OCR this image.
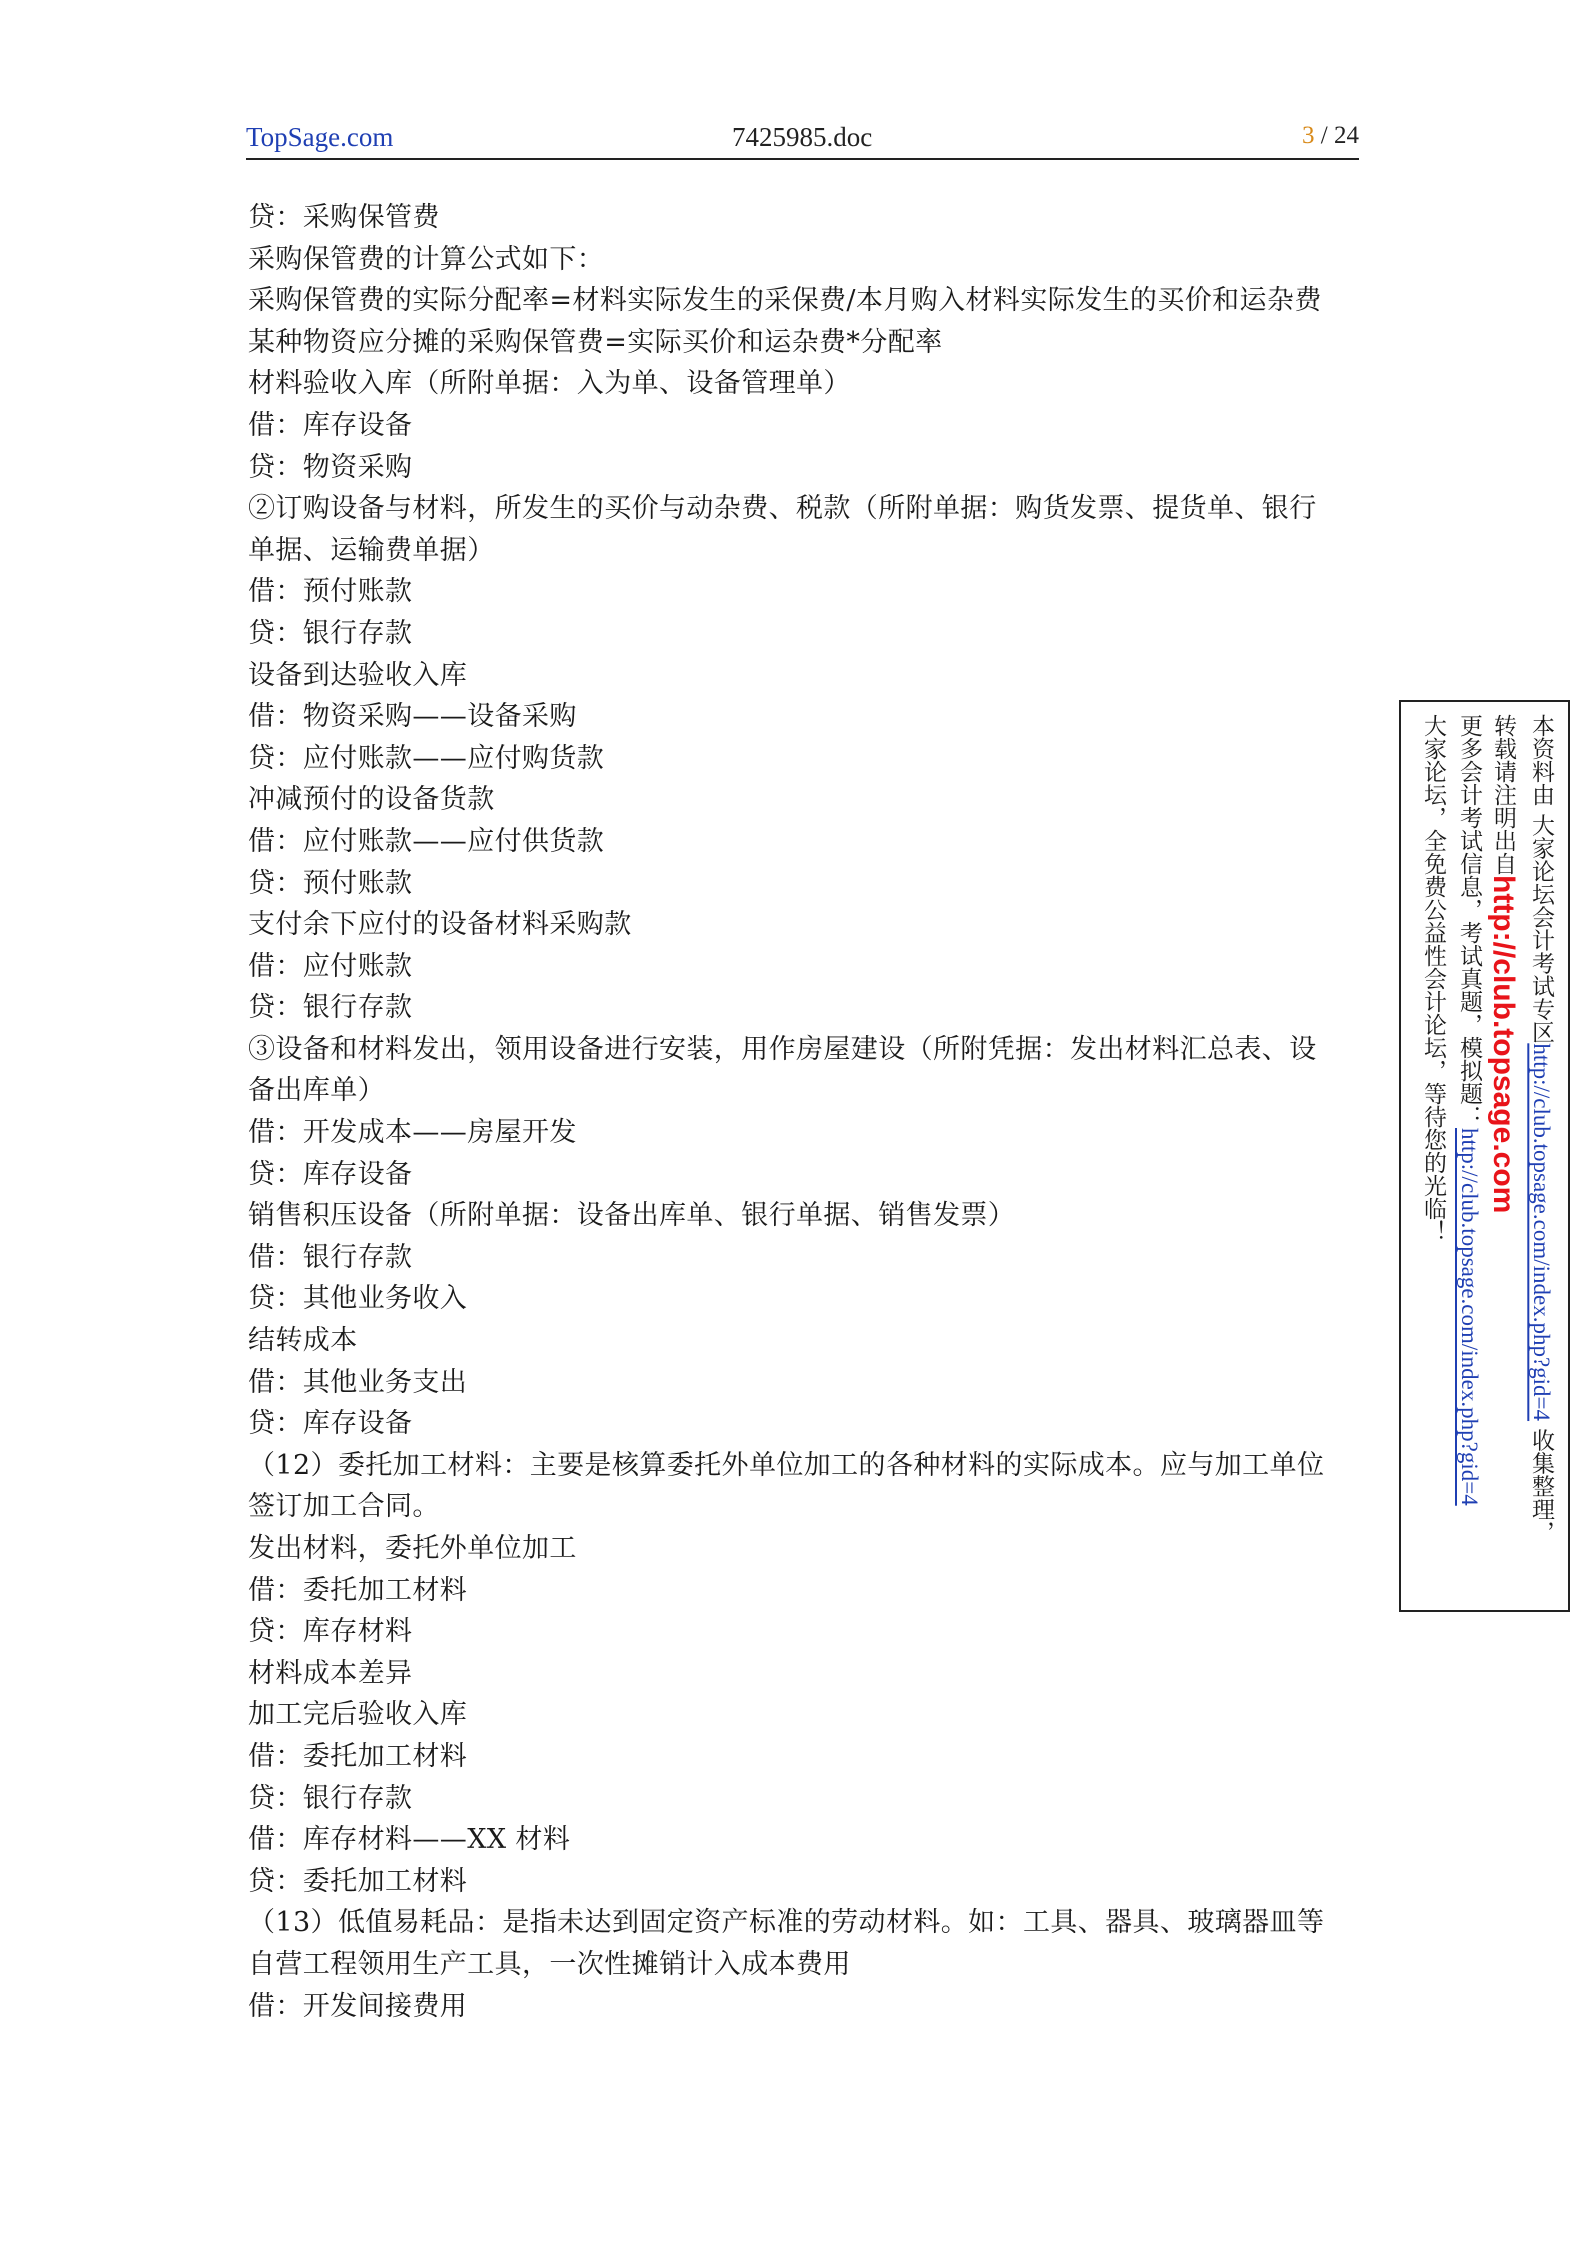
TopSage.com	7425985.doc	3 / 24
贷：采购保管费
采购保管费的计算公式如下：
采购保管费的实际分配率=材料实际发生的采保费/本月购入材料实际发生的买价和运杂费
某种物资应分摊的采购保管费=实际买价和运杂费*分配率
材料验收入库（所附单据：入为单、设备管理单）
借：库存设备
贷：物资采购
②订购设备与材料，所发生的买价与动杂费、税款（所附单据：购货发票、提货单、银行
单据、运输费单据）
借：预付账款
贷：银行存款
设备到达验收入库
借：物资采购——设备采购
贷：应付账款——应付购货款
冲减预付的设备货款
借：应付账款——应付供货款
贷：预付账款
支付余下应付的设备材料采购款
借：应付账款
贷：银行存款
③设备和材料发出，领用设备进行安装，用作房屋建设（所附凭据：发出材料汇总表、设
备出库单）
借：开发成本——房屋开发
贷：库存设备
销售积压设备（所附单据：设备出库单、银行单据、销售发票）
借：银行存款
贷：其他业务收入
结转成本
借：其他业务支出
贷：库存设备
（12）委托加工材料：主要是核算委托外单位加工的各种材料的实际成本。应与加工单位
签订加工合同。
发出材料，委托外单位加工
借：委托加工材料
贷：库存材料
材料成本差异
加工完后验收入库
借：委托加工材料
贷：银行存款
借：库存材料——XX 材料
贷：委托加工材料
（13）低值易耗品：是指未达到固定资产标准的劳动材料。如：工具、器具、玻璃器皿等
自营工程领用生产工具，一次性摊销计入成本费用
借：开发间接费用
本资料由 大家论坛会计考试专区http://club.topsage.com/index.php?gid=4 收集整理，
转载请注明出自http://club.topsage.com
更多会计考试信息，考试真题，模拟题：http://club.topsage.com/index.php?gid=4
大家论坛，全免费公益性会计论坛，等待您的光临！
